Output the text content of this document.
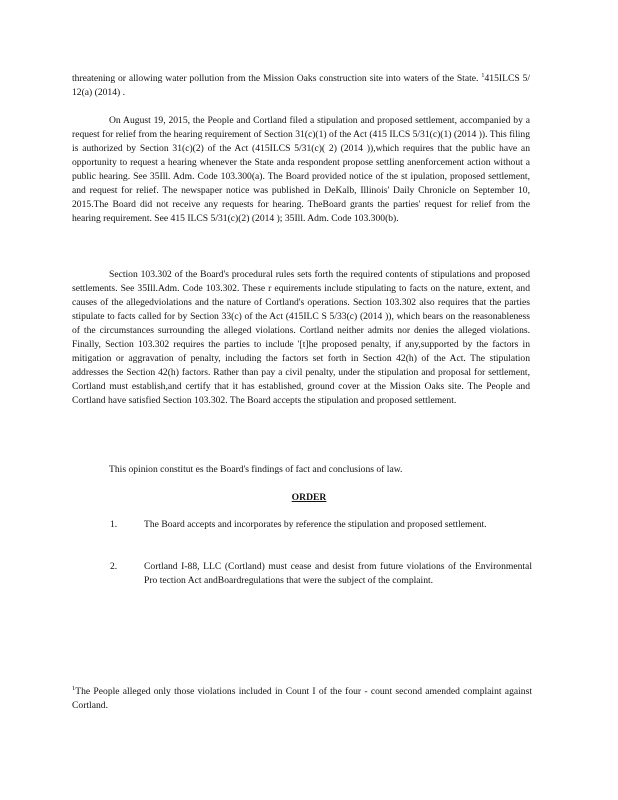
threatening or allowing water pollution from the Mission Oaks construction site into waters of the State. $^1$415ILCS 5/ 12(a) (2014) .

On August 19, 2015, the People and Cortland filed a stipulation and proposed settlement, accompanied by a request for relief from the hearing requirement of Section 31(c)(1) of the Act (415 ILCS 5/31(c)(1) (2014 )). This filing is authorized by Section 31(c)(2) of the Act (415ILCS 5/31(c)( 2) (2014 )),which requires that the public have an opportunity to request a hearing whenever the State anda respondent propose settling anenforcement action without a public hearing. See 35Ill. Adm. Code 103.300(a). The Board provided notice of the st ipulation, proposed settlement, and request for relief. The newspaper notice was published in DeKalb, Illinois' Daily Chronicle on September 10, 2015.The Board did not receive any requests for hearing. TheBoard grants the parties' request for relief from the hearing requirement. See 415 ILCS 5/31(c)(2) (2014 ); 35Ill. Adm. Code 103.300(b).

Section 103.302 of the Board's procedural rules sets forth the required contents of stipulations and proposed settlements. See 35Ill.Adm. Code 103.302. These r equirements include stipulating to facts on the nature, extent, and causes of the allegedviolations and the nature of Cortland's operations. Section 103.302 also requires that the parties stipulate to facts called for by Section 33(c) of the Act (415ILC S 5/33(c) (2014 )), which bears on the reasonableness of the circumstances surrounding the alleged violations. Cortland neither admits nor denies the alleged violations. Finally, Section 103.302 requires the parties to include '[t]he proposed penalty, if any,supported by the factors in mitigation or aggravation of penalty, including the factors set forth in Section 42(h) of the Act. The stipulation addresses the Section 42(h) factors. Rather than pay a civil penalty, under the stipulation and proposal for settlement, Cortland must establish,and certify that it has established, ground cover at the Mission Oaks site. The People and Cortland have satisfied Section 103.302. The Board accepts the stipulation and proposed settlement.

This opinion constitut es the Board's findings of fact and conclusions of law.

ORDER
1.	The Board accepts and incorporates by reference the stipulation and proposed settlement.
2.	Cortland I-88, LLC (Cortland) must cease and desist from future violations of the Environmental Pro tection Act andBoardregulations that were the subject of the complaint.
$^1$The People alleged only those violations included in Count I of the four - count second amended complaint against Cortland.
